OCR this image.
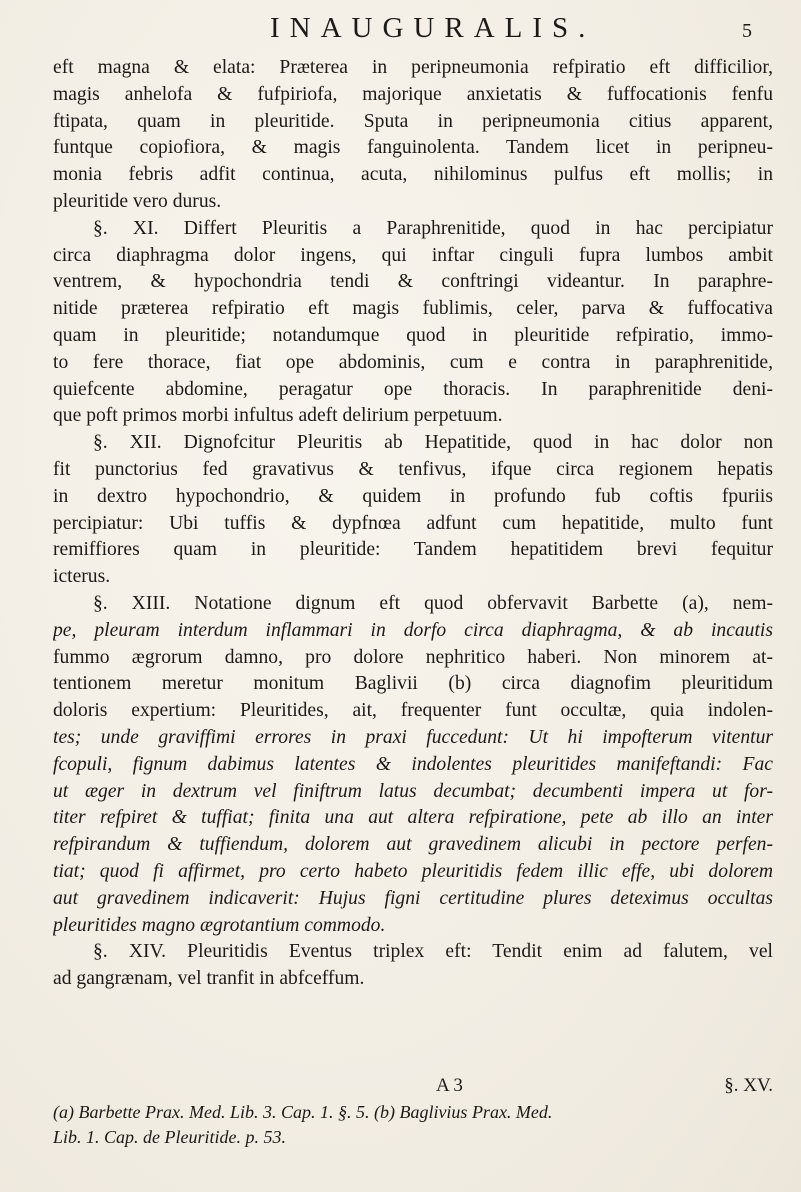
INAUGURALIS.	5
eft magna & elata: Præterea in peripneumonia refpiratio eft difficilior,
magis anhelofa & fufpiriofa, majorique anxietatis & fuffocationis fenfu
ftipata, quam in pleuritide. Sputa in peripneumonia citius apparent,
funtque copiofiora, & magis fanguinolenta. Tandem licet in peripneu-
monia febris adfit continua, acuta, nihilominus pulfus eft mollis; in
pleuritide vero durus.
§. XI. Differt Pleuritis a Paraphrenitide, quod in hac percipiatur
circa diaphragma dolor ingens, qui inftar cinguli fupra lumbos ambit
ventrem, & hypochondria tendi & conftringi videantur. In paraphre-
nitide præterea refpiratio eft magis fublimis, celer, parva & fuffocativa
quam in pleuritide; notandumque quod in pleuritide refpiratio, immo-
to fere thorace, fiat ope abdominis, cum e contra in paraphrenitide,
quiefcente abdomine, peragatur ope thoracis. In paraphrenitide deni-
que poft primos morbi infultus adeft delirium perpetuum.
§. XII. Dignofcitur Pleuritis ab Hepatitide, quod in hac dolor non
fit punctorius fed gravativus & tenfivus, ifque circa regionem hepatis
in dextro hypochondrio, & quidem in profundo fub coftis fpuriis
percipiatur: Ubi tuffis & dypfnœa adfunt cum hepatitide, multo funt
remiffiores quam in pleuritide: Tandem hepatitidem brevi fequitur
icterus.
§. XIII. Notatione dignum eft quod obfervavit Barbette (a), nem-
pe, pleuram interdum inflammari in dorfo circa diaphragma, & ab incautis
fummo ægrorum damno, pro dolore nephritico haberi. Non minorem at-
tentionem meretur monitum Baglivii (b) circa diagnofim pleuritidum
doloris expertium: Pleuritides, ait, frequenter funt occultæ, quia indolen-
tes; unde graviffimi errores in praxi fuccedunt: Ut hi impofterum vitentur
fcopuli, fignum dabimus latentes & indolentes pleuritides manifeftandi: Fac
ut æger in dextrum vel finiftrum latus decumbat; decumbenti impera ut for-
titer refpiret & tuffiat; finita una aut altera refpiratione, pete ab illo an inter
refpirandum & tuffiendum, dolorem aut gravedinem alicubi in pectore perfen-
tiat; quod fi affirmet, pro certo habeto pleuritidis fedem illic effe, ubi dolorem
aut gravedinem indicaverit: Hujus figni certitudine plures deteximus occultas
pleuritides magno ægrotantium commodo.
§. XIV. Pleuritidis Eventus triplex eft: Tendit enim ad falutem, vel
ad gangrænam, vel tranfit in abfceffum.
A 3	§. XV.
(a) Barbette Prax. Med. Lib. 3. Cap. 1. §. 5. (b) Baglivius Prax. Med.
Lib. 1. Cap. de Pleuritide. p. 53.
